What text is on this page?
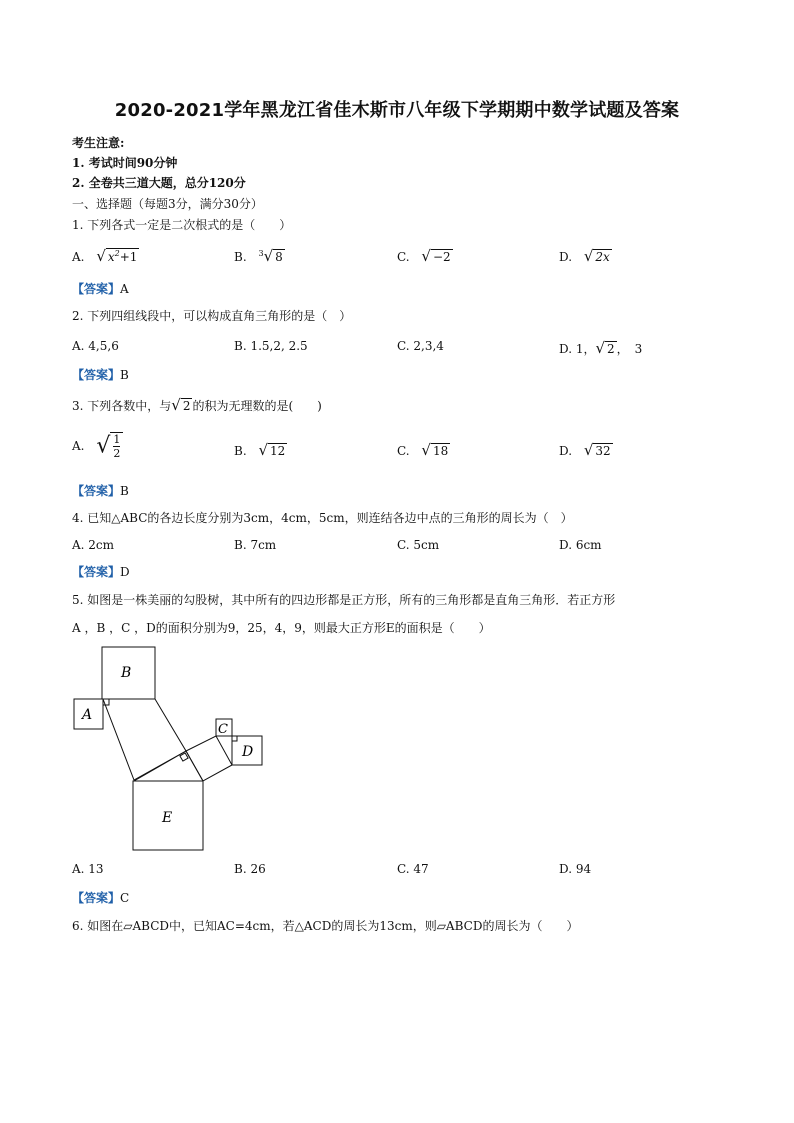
2020-2021学年黑龙江省佳木斯市八年级下学期期中数学试题及答案
考生注意:
1. 考试时间90分钟
2. 全卷共三道大题，总分120分
一、选择题（每题3分，满分30分）
1. 下列各式一定是二次根式的是（　　）
A. √ $x^2+1$	B. $^3$√ 8	C. √ −2	D. √ 2x
【答案】A
2. 下列四组线段中，可以构成直角三角形的是（　）
A. 4,5,6	B. 1.5,2, 2.5	C. 2,3,4	D. 1，√ 2 ，　3
【答案】B
3. 下列各数中，与√ 2 的积为无理数的是(　　)
A. √ $\frac{1}{2}$	B. √ 12	C. √ 18	D. √ 32
【答案】B
4. 已知△ABC的各边长度分别为3cm，4cm，5cm，则连结各边中点的三角形的周长为（　）
A. 2cm	B. 7cm	C. 5cm	D. 6cm
【答案】D
5. 如图是一株美丽的勾股树，其中所有的四边形都是正方形，所有的三角形都是直角三角形．若正方形
A ，B ，C ，D的面积分别为9，25，4，9，则最大正方形E的面积是（　　）
B
A
C
D
E
A. 13	B. 26	C. 47	D. 94
【答案】C
6. 如图在▱ABCD中，已知AC=4cm，若△ACD的周长为13cm，则▱ABCD的周长为（　　）
